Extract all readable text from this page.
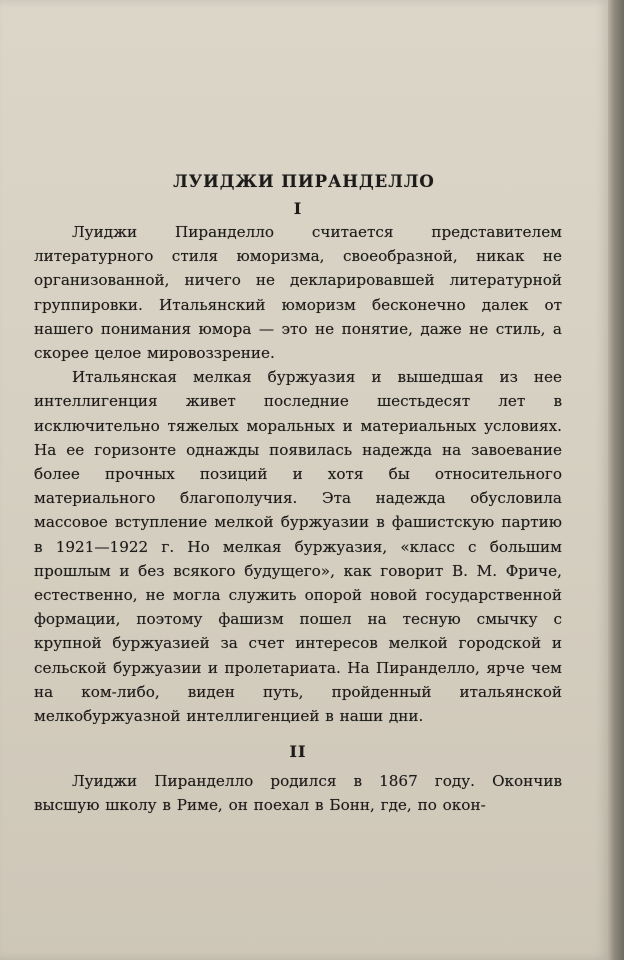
ЛУИДЖИ ПИРАНДЕЛЛО
I

Луиджи Пиранделло считается представителем литературного стиля юморизма, своеобразной, никак не организованной, ничего не декларировавшей литературной группировки. Итальянский юморизм бесконечно далек от нашего понимания юмора — это не понятие, даже не стиль, а скорее целое мировоззрение.

Итальянская мелкая буржуазия и вышедшая из нее интеллигенция живет последние шестьдесят лет в исключительно тяжелых моральных и материальных условиях. На ее горизонте однажды появилась надежда на завоевание более прочных позиций и хотя бы относительного материального благополучия. Эта надежда обусловила массовое вступление мелкой буржуазии в фашистскую партию в 1921—1922 г. Но мелкая буржуазия, «класс с большим прошлым и без всякого будущего», как говорит В. М. Фриче, естественно, не могла служить опорой новой государственной формации, поэтому фашизм пошел на тесную смычку с крупной буржуазией за счет интересов мелкой городской и сельской буржуазии и пролетариата. На Пиранделло, ярче чем на ком-либо, виден путь, пройденный итальянской мелкобуржуазной интеллигенцией в наши дни.

II

Луиджи Пиранделло родился в 1867 году. Окончив высшую школу в Риме, он поехал в Бонн, где, по окон-
